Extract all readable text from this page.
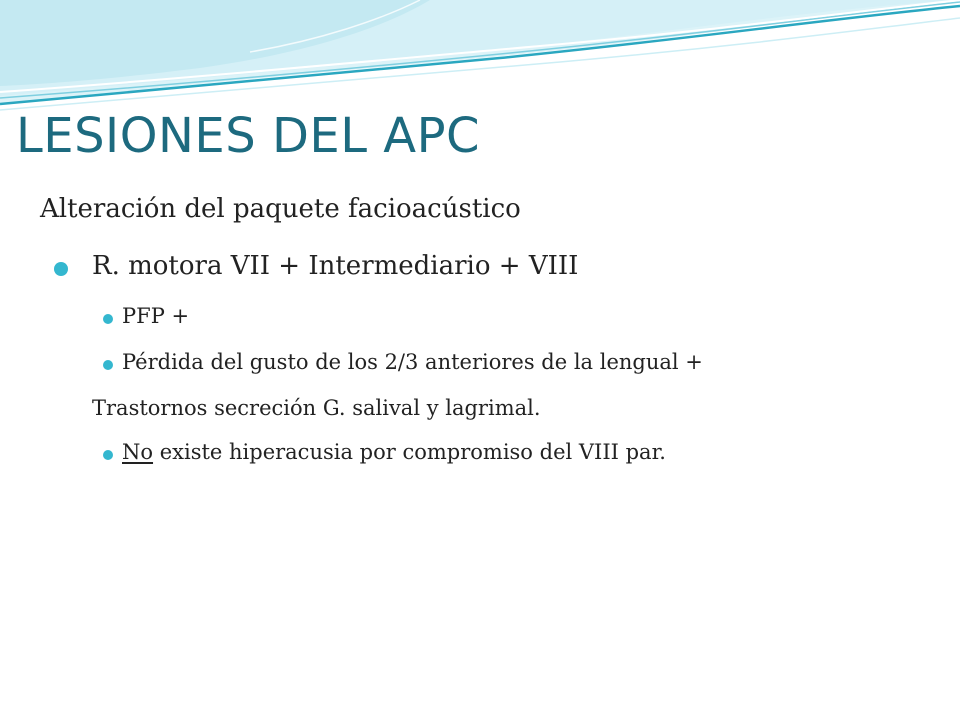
LESIONES DEL APC
Alteración del paquete facioacústico
R. motora VII + Intermediario + VIII
PFP +
Pérdida del gusto de los 2/3 anteriores de la lengual +
Trastornos secreción G. salival y lagrimal.
No existe hiperacusia por compromiso del VIII par.
